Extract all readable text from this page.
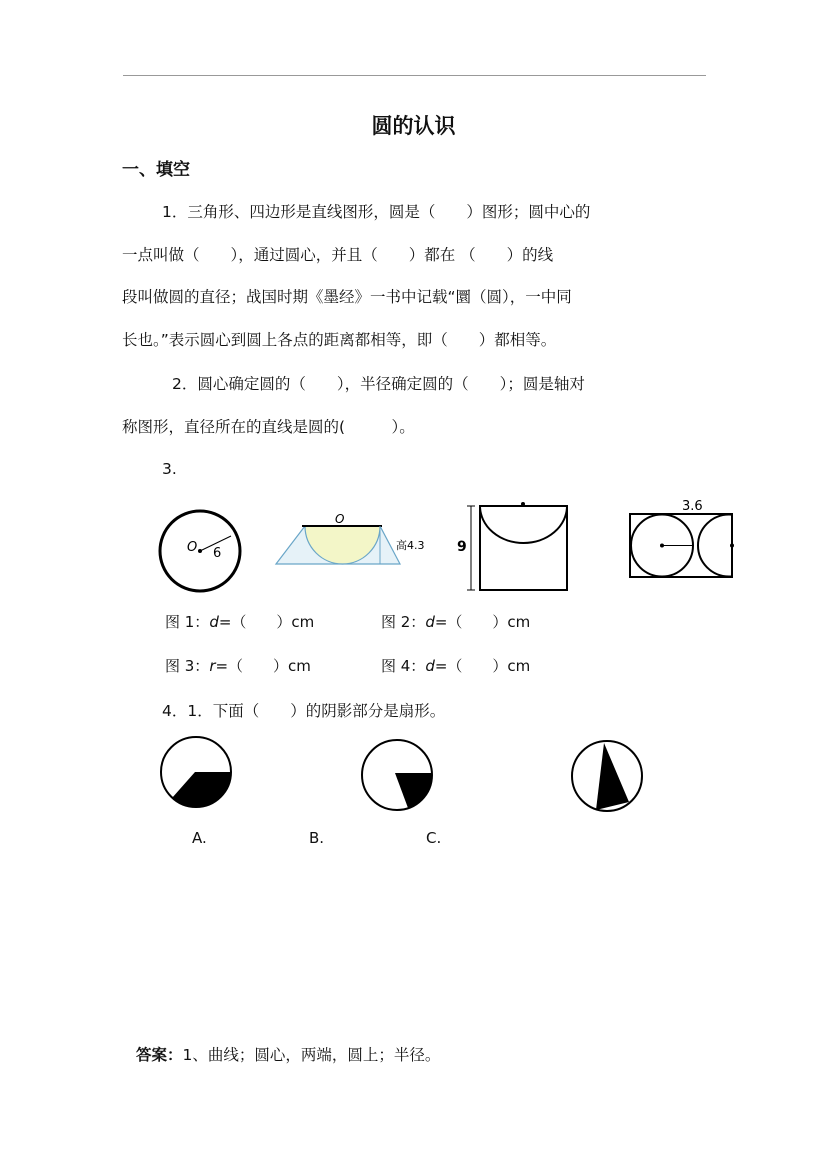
圆的认识
一、填空
1．三角形、四边形是直线图形，圆是（　　）图形；圆中心的
一点叫做（　　），通过圆心，并且（　　）都在 （　　）的线
段叫做圆的直径；战国时期《墨经》一书中记载“圜（圆），一中同
长也。”表示圆心到圆上各点的距离都相等，即（　　）都相等。
2．圆心确定圆的（　　），半径确定圆的（　　）；圆是轴对
称图形，直径所在的直线是圆的(　　　）。
3.
O 6
O
高4.3 9
3.6
图 1：d=（　　）cm	图 2：d=（　　）cm
图 3：r=（　　）cm	图 4：d=（　　）cm
4．1．下面（　　）的阴影部分是扇形。
A.	B.	C.
答案：1、曲线；圆心，两端，圆上；半径。
